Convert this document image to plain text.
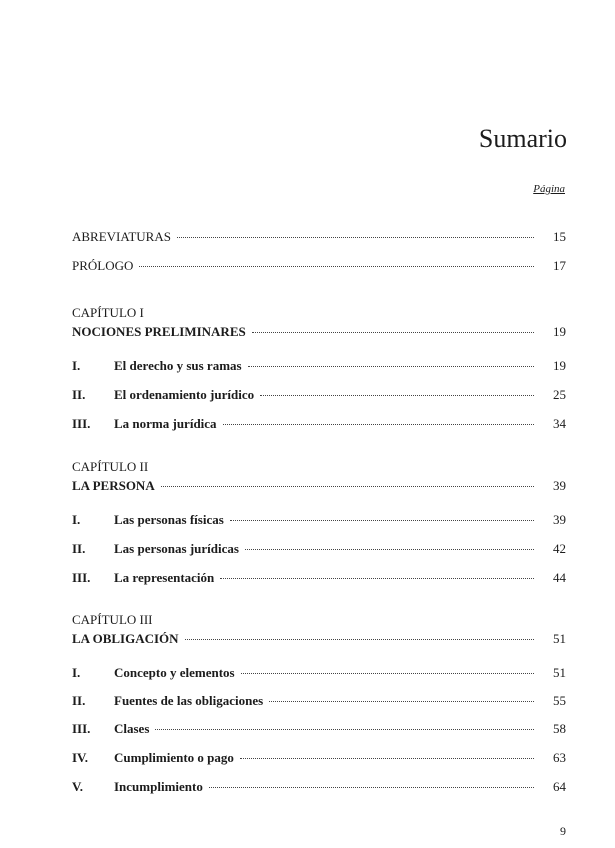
Sumario
Página
ABREVIATURAS	15
PRÓLOGO	17
CAPÍTULO I
NOCIONES PRELIMINARES	19
I.	El derecho y sus ramas	19
II.	El ordenamiento jurídico	25
III.	La norma jurídica	34
CAPÍTULO II
LA PERSONA	39
I.	Las personas físicas	39
II.	Las personas jurídicas	42
III.	La representación	44
CAPÍTULO III
LA OBLIGACIÓN	51
I.	Concepto y elementos	51
II.	Fuentes de las obligaciones	55
III.	Clases	58
IV.	Cumplimiento o pago	63
V.	Incumplimiento	64
9
